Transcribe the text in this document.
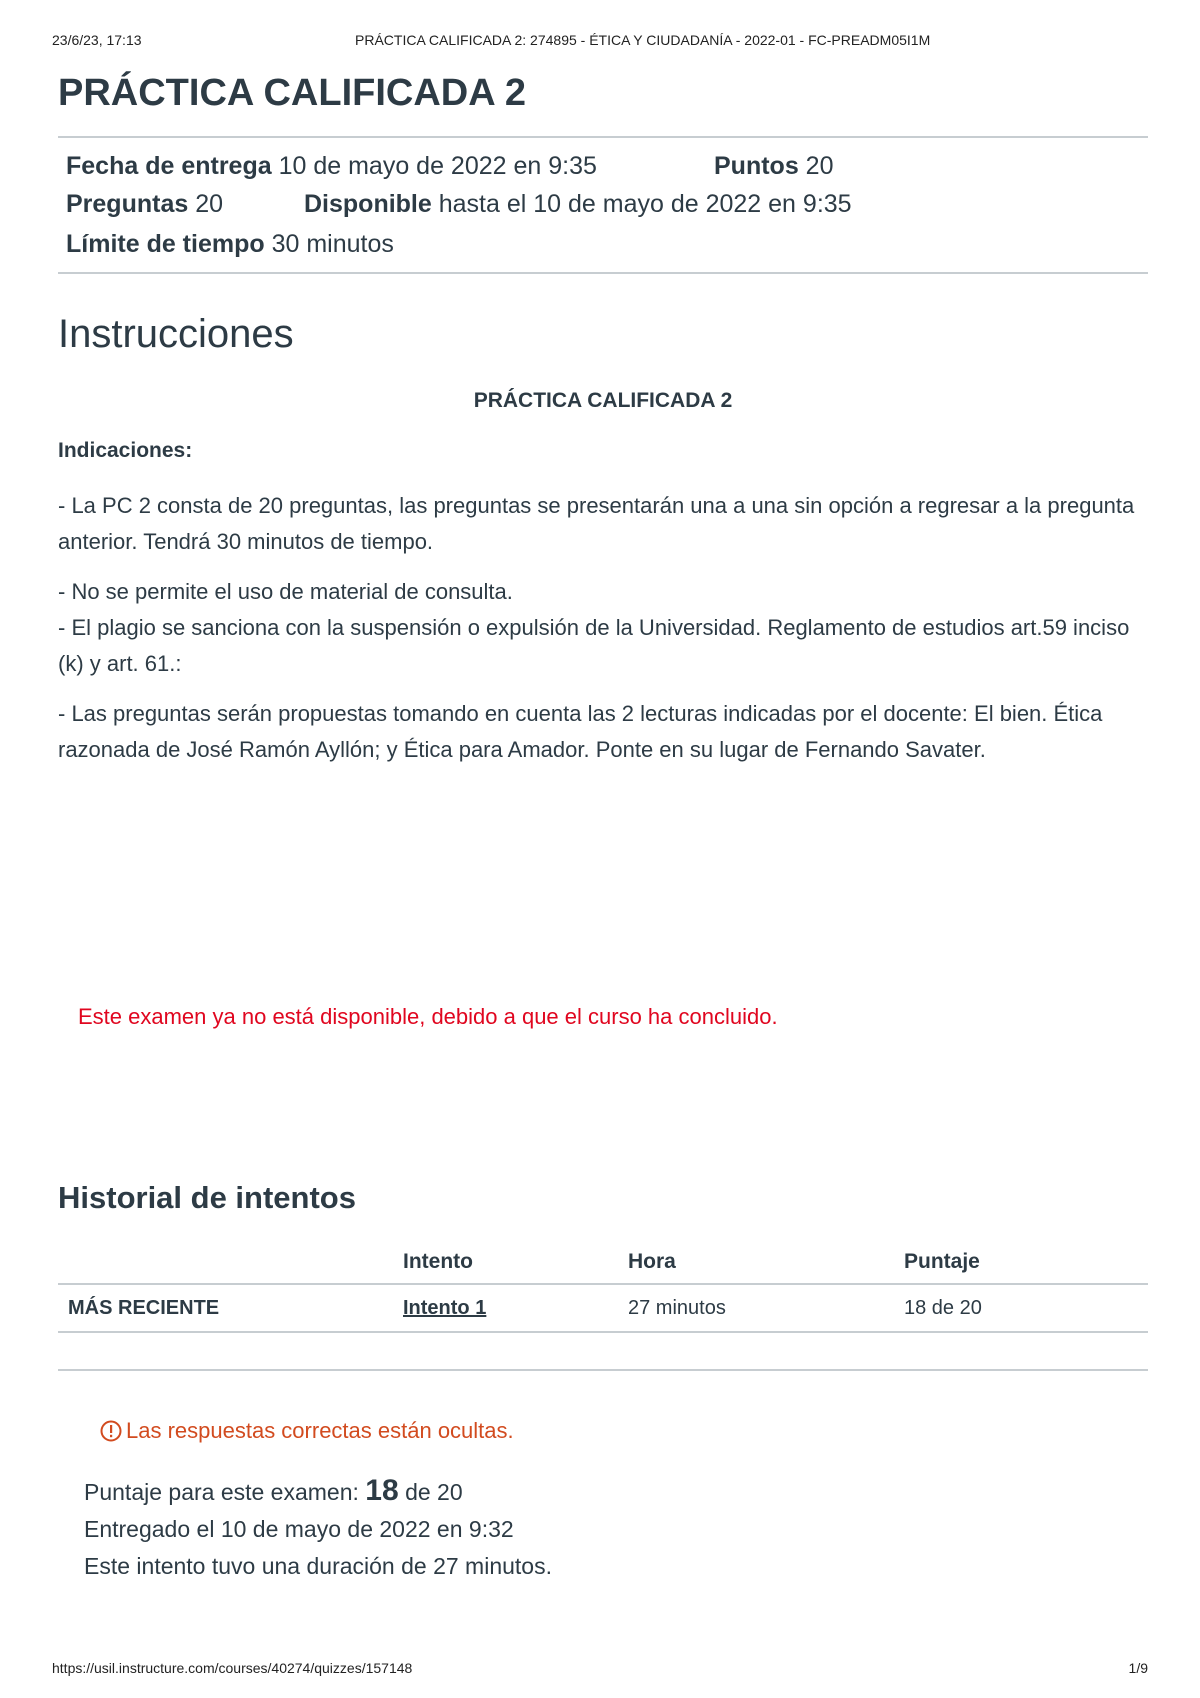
23/6/23, 17:13	PRÁCTICA CALIFICADA 2: 274895 - ÉTICA Y CIUDADANÍA - 2022-01 - FC-PREADM05I1M
PRÁCTICA CALIFICADA 2
Fecha de entrega 10 de mayo de 2022 en 9:35	Puntos 20
Preguntas 20	Disponible hasta el 10 de mayo de 2022 en 9:35
Límite de tiempo 30 minutos
Instrucciones
PRÁCTICA CALIFICADA 2
Indicaciones:

- La PC 2 consta de 20 preguntas, las preguntas se presentarán una a una sin opción a regresar a la pregunta anterior. Tendrá 30 minutos de tiempo.

- No se permite el uso de material de consulta.
- El plagio se sanciona con la suspensión o expulsión de la Universidad. Reglamento de estudios art.59 inciso (k) y art. 61.:

- Las preguntas serán propuestas tomando en cuenta las 2 lecturas indicadas por el docente: El bien. Ética razonada de José Ramón Ayllón; y Ética para Amador. Ponte en su lugar de Fernando Savater.

Este examen ya no está disponible, debido a que el curso ha concluido.
Historial de intentos
	Intento	Hora	Puntaje
MÁS RECIENTE	Intento 1	27 minutos	18 de 20
Las respuestas correctas están ocultas.
Puntaje para este examen: 18 de 20
Entregado el 10 de mayo de 2022 en 9:32
Este intento tuvo una duración de 27 minutos.
https://usil.instructure.com/courses/40274/quizzes/157148	1/9
